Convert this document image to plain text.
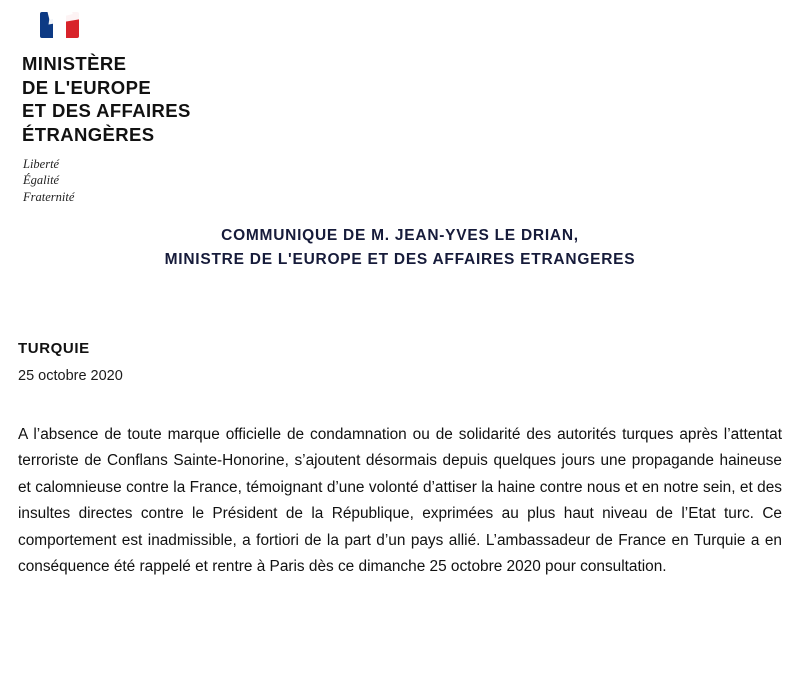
MINISTÈRE
DE L'EUROPE
ET DES AFFAIRES
ÉTRANGÈRES
Liberté
Égalité
Fraternité
COMMUNIQUE DE M. JEAN-YVES LE DRIAN,
MINISTRE DE L'EUROPE ET DES AFFAIRES ETRANGERES
TURQUIE
25 octobre 2020

A l’absence de toute marque officielle de condamnation ou de solidarité des autorités turques après l’attentat terroriste de Conflans Sainte-Honorine, s’ajoutent désormais depuis quelques jours une propagande haineuse et calomnieuse contre la France, témoignant d’une volonté d’attiser la haine contre nous et en notre sein, et des insultes directes contre le Président de la République, exprimées au plus haut niveau de l’Etat turc. Ce comportement est inadmissible, a fortiori de la part d’un pays allié. L’ambassadeur de France en Turquie a en conséquence été rappelé et rentre à Paris dès ce dimanche 25 octobre 2020 pour consultation.
